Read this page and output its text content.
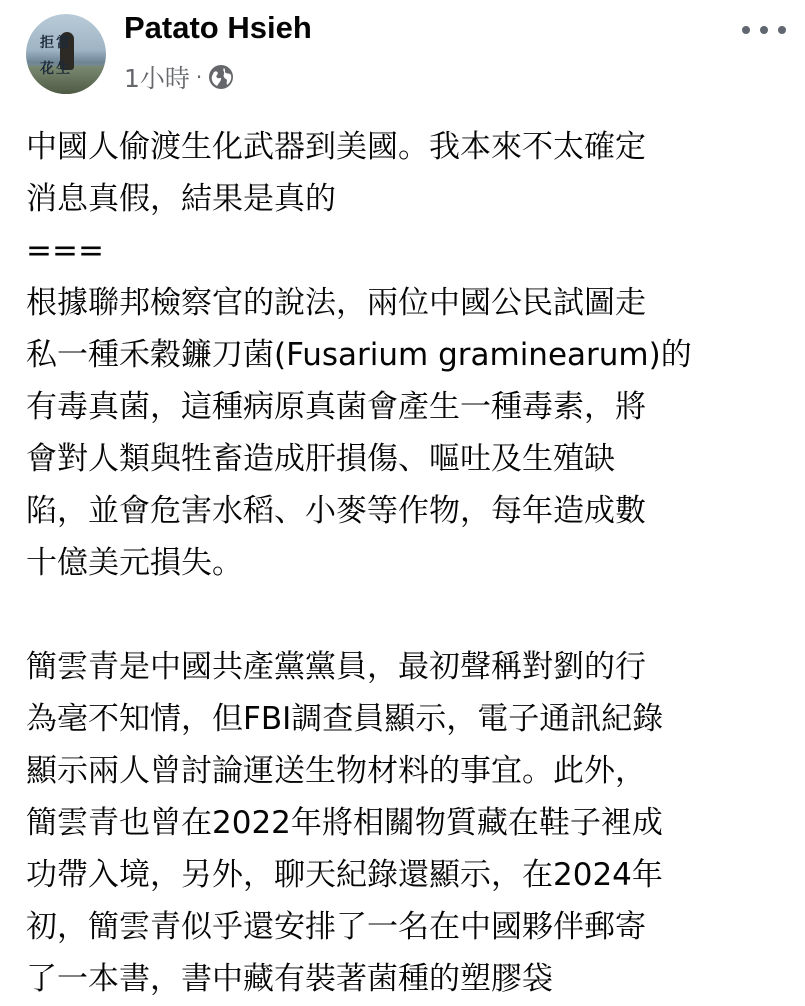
拒當
花生
Patato Hsieh
1小時 ·
中國人偷渡生化武器到美國。我本來不太確定
消息真假，結果是真的
===
根據聯邦檢察官的說法，兩位中國公民試圖走
私一種禾穀鐮刀菌(Fusarium graminearum)的
有毒真菌，這種病原真菌會產生一種毒素，將
會對人類與牲畜造成肝損傷、嘔吐及生殖缺
陷，並會危害水稻、小麥等作物，每年造成數
十億美元損失。
簡雲青是中國共產黨黨員，最初聲稱對劉的行
為毫不知情，但FBI調查員顯示，電子通訊紀錄
顯示兩人曾討論運送生物材料的事宜。此外，
簡雲青也曾在2022年將相關物質藏在鞋子裡成
功帶入境，另外，聊天紀錄還顯示，在2024年
初，簡雲青似乎還安排了一名在中國夥伴郵寄
了一本書，書中藏有裝著菌種的塑膠袋
